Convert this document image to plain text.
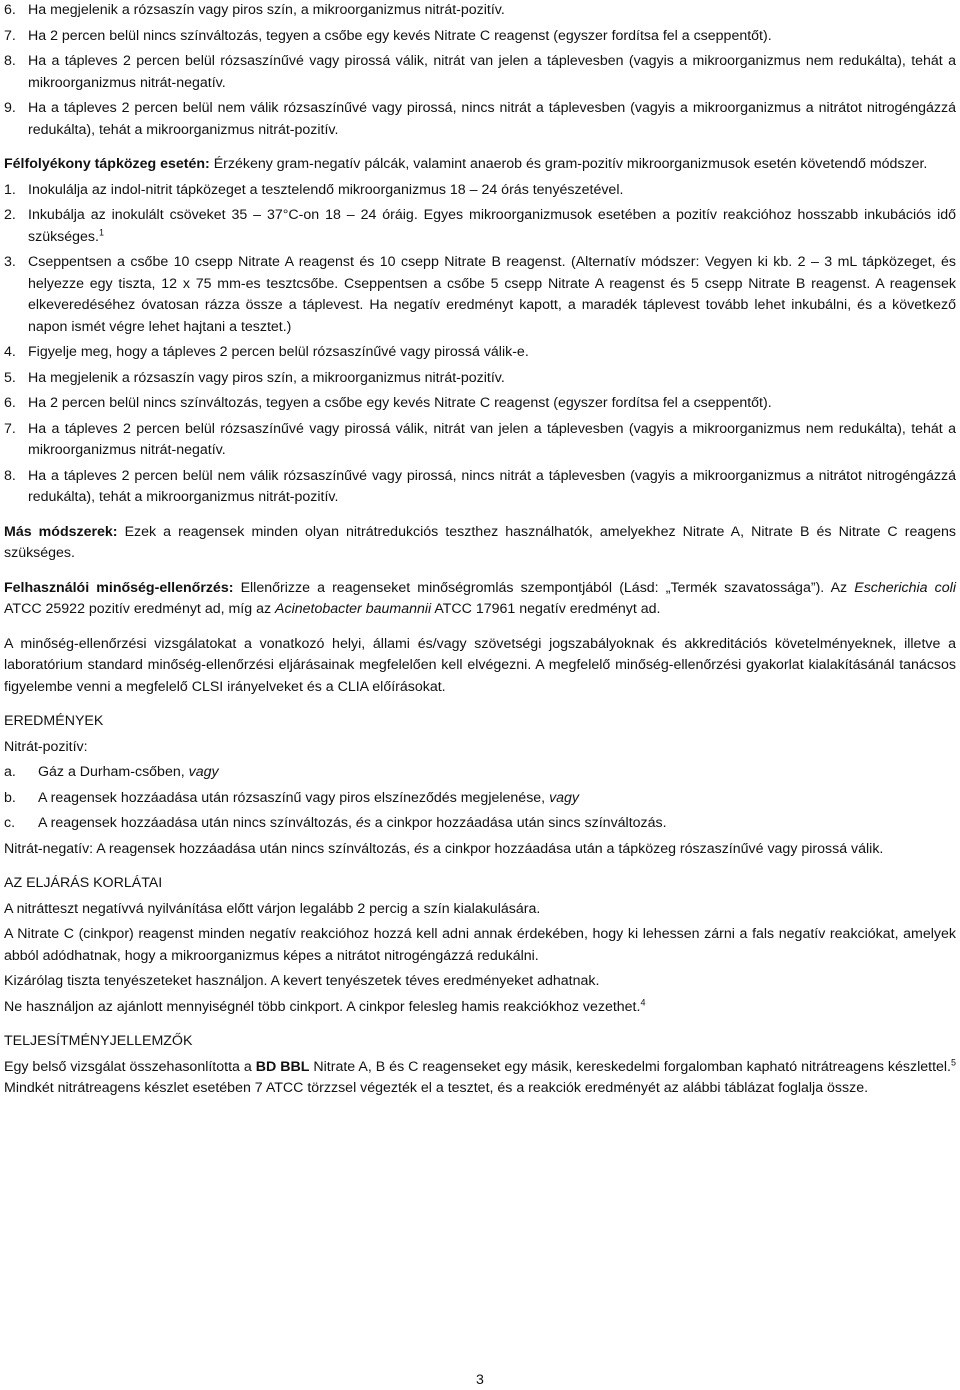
6. Ha megjelenik a rózsaszín vagy piros szín, a mikroorganizmus nitrát-pozitív.
7. Ha 2 percen belül nincs színváltozás, tegyen a csőbe egy kevés Nitrate C reagenst (egyszer fordítsa fel a cseppentőt).
8. Ha a tápleves 2 percen belül rózsaszínűvé vagy pirossá válik, nitrát van jelen a táplevesben (vagyis a mikroorganizmus nem redukálta), tehát a mikroorganizmus nitrát-negatív.
9. Ha a tápleves 2 percen belül nem válik rózsaszínűvé vagy pirossá, nincs nitrát a táplevesben (vagyis a mikroorganizmus a nitrátot nitrogéngázzá redukálta), tehát a mikroorganizmus nitrát-pozitív.

Félfolyékony tápközeg esetén: Érzékeny gram-negatív pálcák, valamint anaerob és gram-pozitív mikroorganizmusok esetén követendő módszer.

1. Inokulálja az indol-nitrit tápközeget a tesztelendő mikroorganizmus 18 – 24 órás tenyészetével.
2. Inkubálja az inokulált csöveket 35 – 37°C-on 18 – 24 óráig. Egyes mikroorganizmusok esetében a pozitív reakcióhoz hosszabb inkubációs idő szükséges.$^1$
3. Cseppentsen a csőbe 10 csepp Nitrate A reagenst és 10 csepp Nitrate B reagenst. (Alternatív módszer: Vegyen ki kb. 2 – 3 mL tápközeget, és helyezze egy tiszta, 12 x 75 mm-es tesztcsőbe. Cseppentsen a csőbe 5 csepp Nitrate A reagenst és 5 csepp Nitrate B reagenst. A reagensek elkeveredéséhez óvatosan rázza össze a táplevest. Ha negatív eredményt kapott, a maradék táplevest tovább lehet inkubálni, és a következő napon ismét végre lehet hajtani a tesztet.)
4. Figyelje meg, hogy a tápleves 2 percen belül rózsaszínűvé vagy pirossá válik-e.
5. Ha megjelenik a rózsaszín vagy piros szín, a mikroorganizmus nitrát-pozitív.
6. Ha 2 percen belül nincs színváltozás, tegyen a csőbe egy kevés Nitrate C reagenst (egyszer fordítsa fel a cseppentőt).
7. Ha a tápleves 2 percen belül rózsaszínűvé vagy pirossá válik, nitrát van jelen a táplevesben (vagyis a mikroorganizmus nem redukálta), tehát a mikroorganizmus nitrát-negatív.
8. Ha a tápleves 2 percen belül nem válik rózsaszínűvé vagy pirossá, nincs nitrát a táplevesben (vagyis a mikroorganizmus a nitrátot nitrogéngázzá redukálta), tehát a mikroorganizmus nitrát-pozitív.

Más módszerek: Ezek a reagensek minden olyan nitrátredukciós teszthez használhatók, amelyekhez Nitrate A, Nitrate B és Nitrate C reagens szükséges.

Felhasználói minőség-ellenőrzés: Ellenőrizze a reagenseket minőségromlás szempontjából (Lásd: „Termék szavatossága”). Az Escherichia coli ATCC 25922 pozitív eredményt ad, míg az Acinetobacter baumannii ATCC 17961 negatív eredményt ad.

A minőség-ellenőrzési vizsgálatokat a vonatkozó helyi, állami és/vagy szövetségi jogszabályoknak és akkreditációs követelményeknek, illetve a laboratórium standard minőség-ellenőrzési eljárásainak megfelelően kell elvégezni. A megfelelő minőség-ellenőrzési gyakorlat kialakításánál tanácsos figyelembe venni a megfelelő CLSI irányelveket és a CLIA előírásokat.

EREDMÉNYEK

Nitrát-pozitív:

a.	Gáz a Durham-csőben, vagy
b.	A reagensek hozzáadása után rózsaszínű vagy piros elszíneződés megjelenése, vagy
c.	A reagensek hozzáadása után nincs színváltozás, és a cinkpor hozzáadása után sincs színváltozás.

Nitrát-negatív: A reagensek hozzáadása után nincs színváltozás, és a cinkpor hozzáadása után a tápközeg rószaszínűvé vagy pirossá válik.

AZ ELJÁRÁS KORLÁTAI

A nitrátteszt negatívvá nyilvánítása előtt várjon legalább 2 percig a szín kialakulására.

A Nitrate C (cinkpor) reagenst minden negatív reakcióhoz hozzá kell adni annak érdekében, hogy ki lehessen zárni a fals negatív reakciókat, amelyek abból adódhatnak, hogy a mikroorganizmus képes a nitrátot nitrogéngázzá redukálni.

Kizárólag tiszta tenyészeteket használjon. A kevert tenyészetek téves eredményeket adhatnak.

Ne használjon az ajánlott mennyiségnél több cinkport. A cinkpor felesleg hamis reakciókhoz vezethet.$^4$

TELJESÍTMÉNYJELLEMZŐK

Egy belső vizsgálat összehasonlította a BD BBL Nitrate A, B és C reagenseket egy másik, kereskedelmi forgalomban kapható nitrátreagens készlettel.$^5$ Mindkét nitrátreagens készlet esetében 7 ATCC törzzsel végezték el a tesztet, és a reakciók eredményét az alábbi táblázat foglalja össze.

3
